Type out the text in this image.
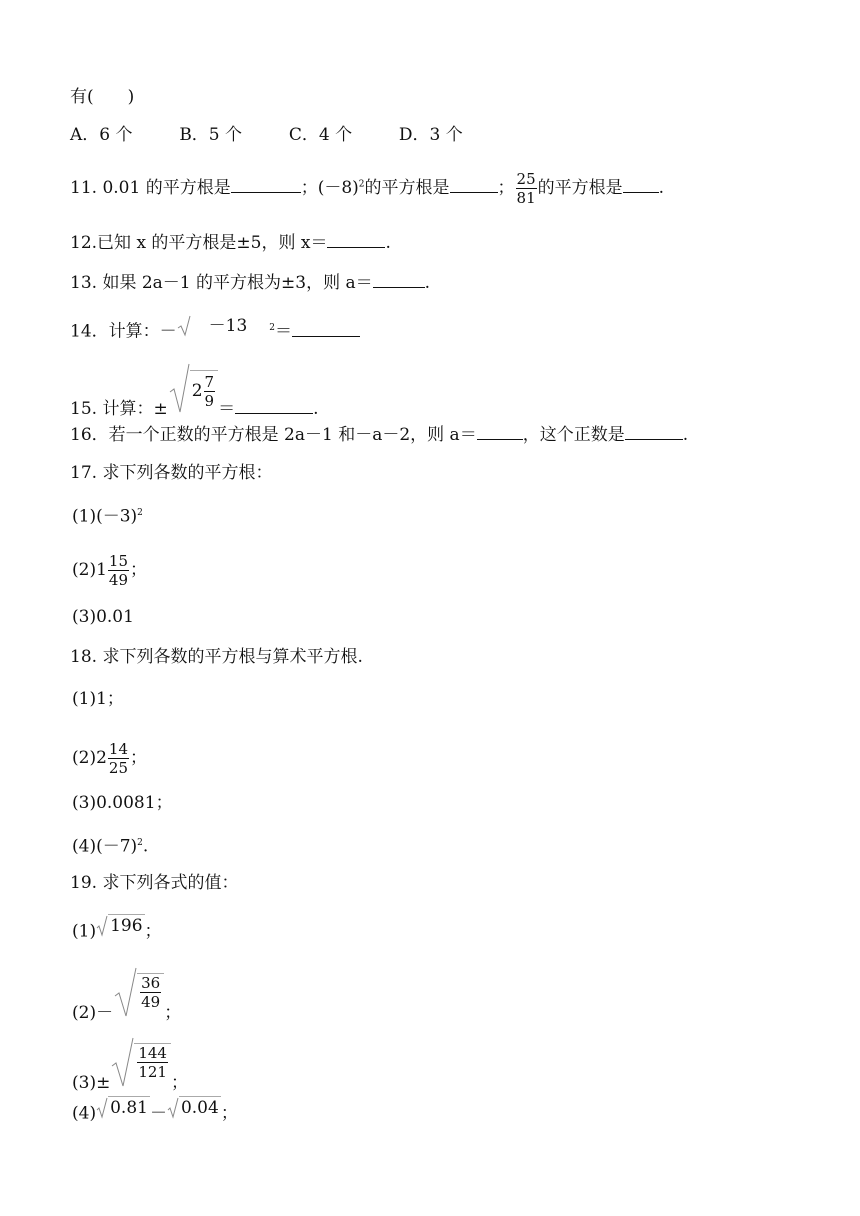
有(　　)
A．6 个	B．5 个	C．4 个	D．3 个
11. 0.01 的平方根是	；$(-8)^2$的平方根是	； $\frac{25}{81}$ 的平方根是 .
12.已知 x 的平方根是±5，则 x＝	.
13. 如果 2a－1 的平方根为±3，则 a＝	.
14．计算：－	－13	$^2$＝
15. 计算：±
$2 \frac{7}{9}$ ＝	.
16．若一个正数的平方根是 2a－1 和－a－2，则 a＝	，这个正数是	.
17. 求下列各数的平方根：
$(1)(-3)^2$
$(2)1 \frac{15}{49}$ ；
(3)0.01
18. 求下列各数的平方根与算术平方根.
(1)1；
$(2)2 \frac{14}{25}$ ；
(3)0.0081；
$(4)(-7)^2$.
19. 求下列各式的值：
(1) 196 ；
(2)－
$\frac{36}{49}$
；
(3)±
$\frac{144}{121}$
；
(4) 0.81 － 0.04 ；
